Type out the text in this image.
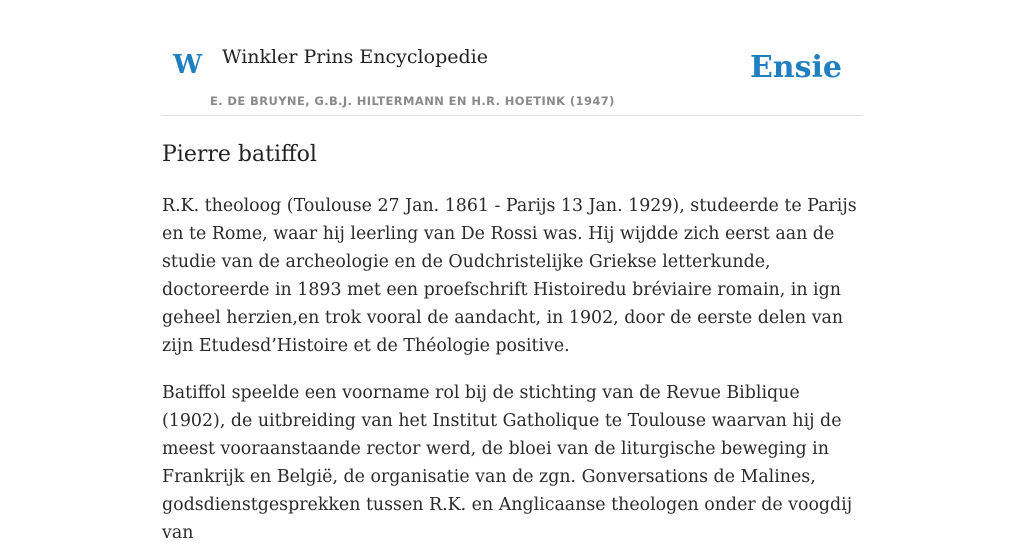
W Winkler Prins Encyclopedie
E. DE BRUYNE, G.B.J. HILTERMANN EN H.R. HOETINK (1947)
Ensie
Pierre batiffol

R.K. theoloog (Toulouse 27 Jan. 1861 - Parijs 13 Jan. 1929), studeerde te Parijs en te Rome, waar hij leerling van De Rossi was. Hij wijdde zich eerst aan de studie van de archeologie en de Oudchristelijke Griekse letterkunde, doctoreerde in 1893 met een proefschrift Histoiredu bréviaire romain, in ign geheel herzien,en trok vooral de aandacht, in 1902, door de eerste delen van zijn Etudesd’Histoire et de Théologie positive.

Batiffol speelde een voorname rol bij de stichting van de Revue Biblique (1902), de uitbreiding van het Institut Gatholique te Toulouse waarvan hij de meest vooraanstaande rector werd, de bloei van de liturgische beweging in Frankrijk en België, de organisatie van de zgn. Gonversations de Malines, godsdienstgesprekken tussen R.K. en Anglicaanse theologen onder de voogdij van
